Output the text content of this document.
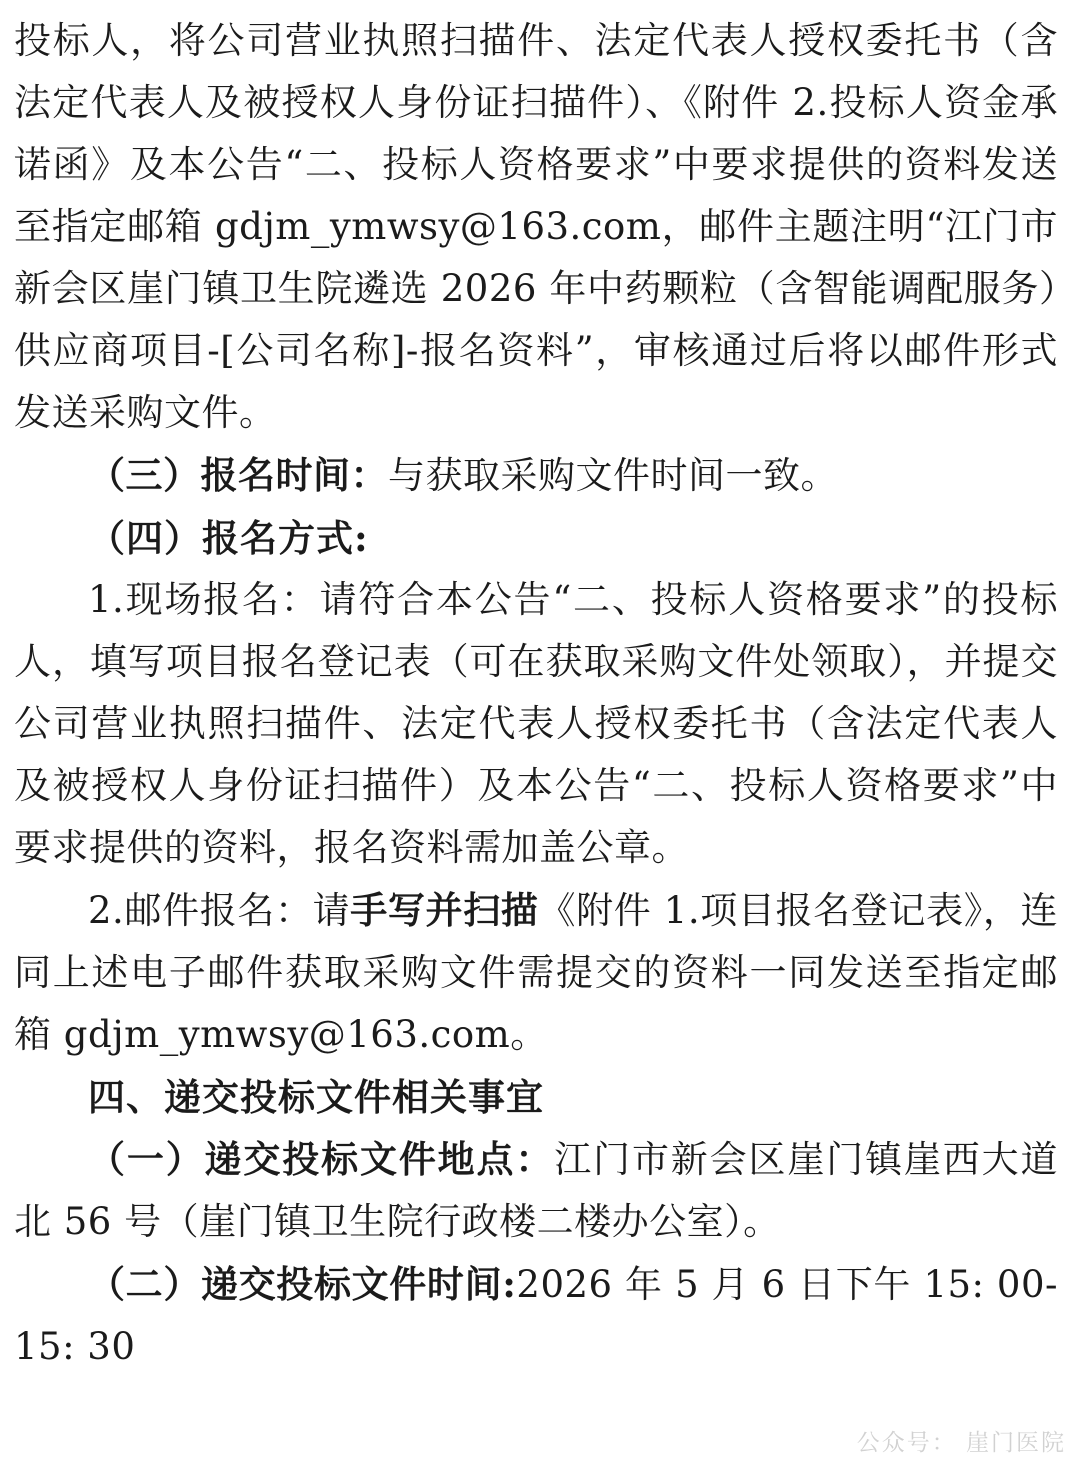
投标人，将公司营业执照扫描件、法定代表人授权委托书（含法定代表人及被授权人身份证扫描件）、《附件 2.投标人资金承诺函》及本公告“二、投标人资格要求”中要求提供的资料发送至指定邮箱 gdjm_ymwsy@163.com，邮件主题注明“江门市新会区崖门镇卫生院遴选 2026 年中药颗粒（含智能调配服务）供应商项目-[公司名称]-报名资料”，审核通过后将以邮件形式发送采购文件。

（三）报名时间：与获取采购文件时间一致。

（四）报名方式:

1.现场报名：请符合本公告“二、投标人资格要求”的投标人，填写项目报名登记表（可在获取采购文件处领取），并提交公司营业执照扫描件、法定代表人授权委托书（含法定代表人及被授权人身份证扫描件）及本公告“二、投标人资格要求”中要求提供的资料，报名资料需加盖公章。

2.邮件报名：请手写并扫描《附件 1.项目报名登记表》，连同上述电子邮件获取采购文件需提交的资料一同发送至指定邮箱 gdjm_ymwsy@163.com。

四、递交投标文件相关事宜

（一）递交投标文件地点：江门市新会区崖门镇崖西大道北 56 号（崖门镇卫生院行政楼二楼办公室）。

（二）递交投标文件时间:2026 年 5 月 6 日下午 15: 00-15: 30

公众号： 崖门医院
